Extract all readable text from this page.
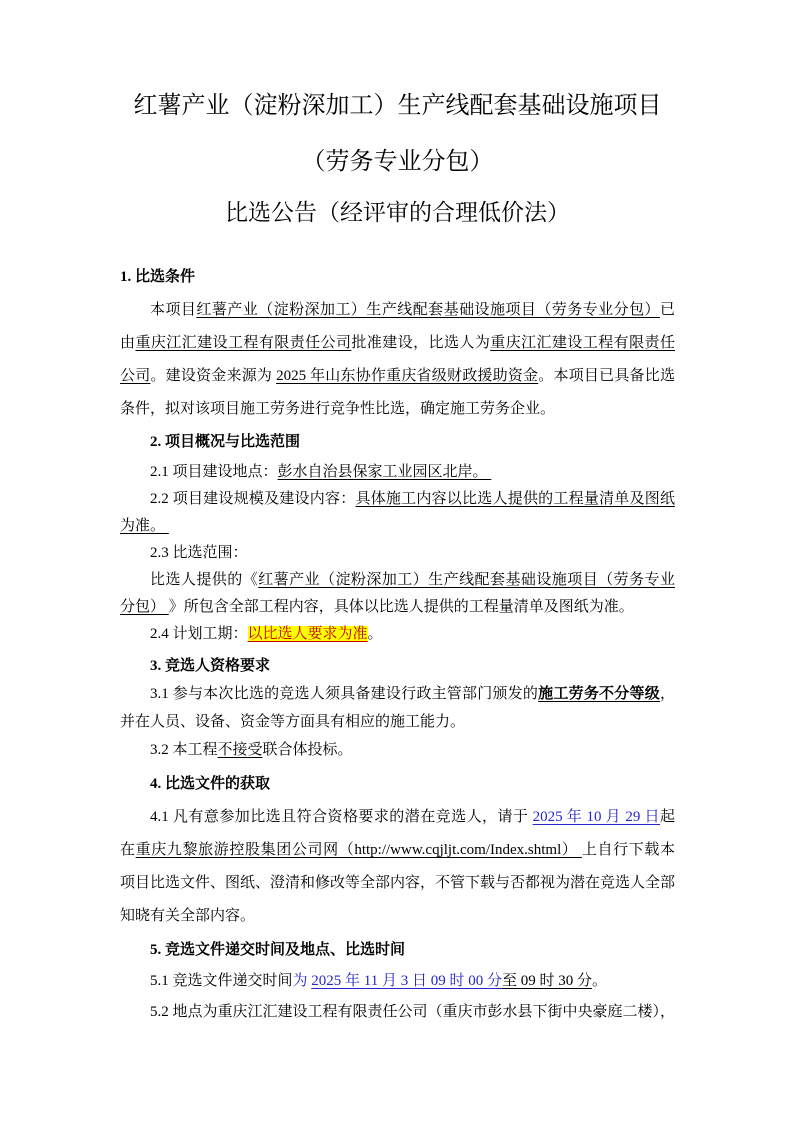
红薯产业（淀粉深加工）生产线配套基础设施项目
（劳务专业分包）
比选公告（经评审的合理低价法）

1. 比选条件

本项目红薯产业（淀粉深加工）生产线配套基础设施项目（劳务专业分包）已由重庆江汇建设工程有限责任公司批准建设，比选人为重庆江汇建设工程有限责任公司。建设资金来源为 2025 年山东协作重庆省级财政援助资金。本项目已具备比选条件，拟对该项目施工劳务进行竞争性比选，确定施工劳务企业。

2. 项目概况与比选范围

2.1 项目建设地点：彭水自治县保家工业园区北岸。

2.2 项目建设规模及建设内容：具体施工内容以比选人提供的工程量清单及图纸为准。

2.3 比选范围：

比选人提供的《红薯产业（淀粉深加工）生产线配套基础设施项目（劳务专业分包） 》所包含全部工程内容，具体以比选人提供的工程量清单及图纸为准。

2.4 计划工期：以比选人要求为准。

3. 竞选人资格要求

3.1 参与本次比选的竞选人须具备建设行政主管部门颁发的施工劳务不分等级，并在人员、设备、资金等方面具有相应的施工能力。

3.2 本工程不接受联合体投标。

4. 比选文件的获取

4.1 凡有意参加比选且符合资格要求的潜在竞选人，请于 2025 年 10 月 29 日起在重庆九黎旅游控股集团公司网（http://www.cqjljt.com/Index.shtml） 上自行下载本项目比选文件、图纸、澄清和修改等全部内容，不管下载与否都视为潜在竞选人全部知晓有关全部内容。

5. 竞选文件递交时间及地点、比选时间

5.1 竞选文件递交时间为 2025 年 11 月 3 日 09 时 00 分至 09 时 30 分。

5.2 地点为重庆江汇建设工程有限责任公司（重庆市彭水县下街中央豪庭二楼），
